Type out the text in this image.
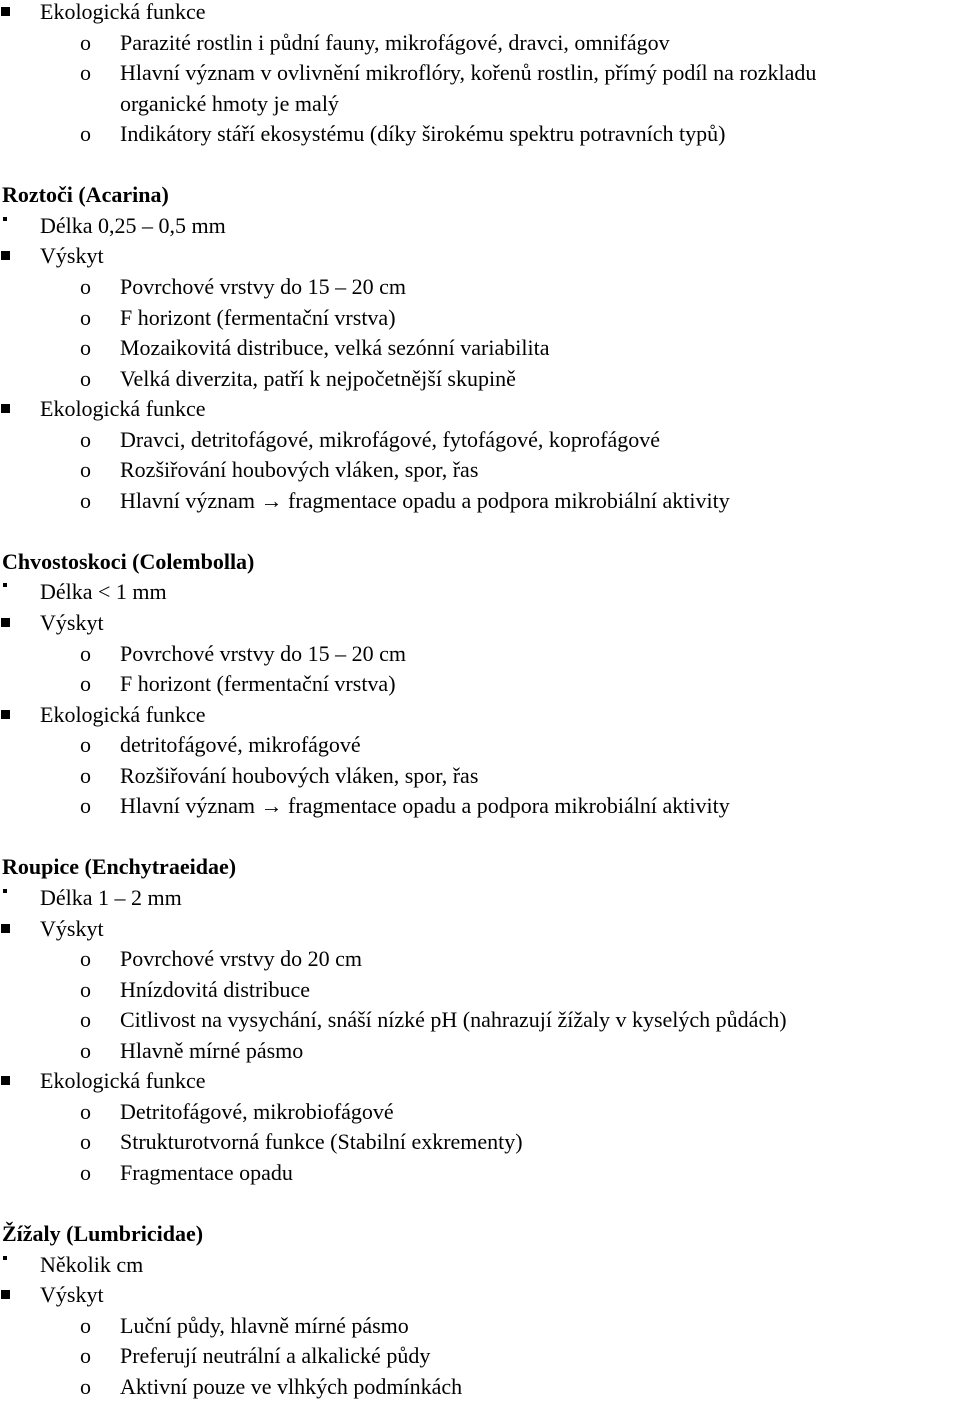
Ekologická funkce
o	Parazité rostlin i půdní fauny, mikrofágové, dravci, omnifágov
o	Hlavní význam v ovlivnění mikroflóry, kořenů rostlin, přímý podíl na rozkladu
organické hmoty je malý
o	Indikátory stáří ekosystému (díky širokému spektru potravních typů)
Roztoči (Acarina)
Délka 0,25 – 0,5 mm
Výskyt
o	Povrchové vrstvy do 15 – 20 cm
o	F horizont (fermentační vrstva)
o	Mozaikovitá distribuce, velká sezónní variabilita
o	Velká diverzita, patří k nejpočetnější skupině
Ekologická funkce
o	Dravci, detritofágové, mikrofágové, fytofágové, koprofágové
o	Rozšiřování houbových vláken, spor, řas
o	Hlavní význam → fragmentace opadu a podpora mikrobiální aktivity
Chvostoskoci (Colembolla)
Délka < 1 mm
Výskyt
o	Povrchové vrstvy do 15 – 20 cm
o	F horizont (fermentační vrstva)
Ekologická funkce
o	detritofágové, mikrofágové
o	Rozšiřování houbových vláken, spor, řas
o	Hlavní význam → fragmentace opadu a podpora mikrobiální aktivity
Roupice (Enchytraeidae)
Délka 1 – 2 mm
Výskyt
o	Povrchové vrstvy do 20 cm
o	Hnízdovitá distribuce
o	Citlivost na vysychání, snáší nízké pH (nahrazují žížaly v kyselých půdách)
o	Hlavně mírné pásmo
Ekologická funkce
o	Detritofágové, mikrobiofágové
o	Strukturotvorná funkce (Stabilní exkrementy)
o	Fragmentace opadu
Žížaly (Lumbricidae)
Několik cm
Výskyt
o	Luční půdy, hlavně mírné pásmo
o	Preferují neutrální a alkalické půdy
o	Aktivní pouze ve vlhkých podmínkách
